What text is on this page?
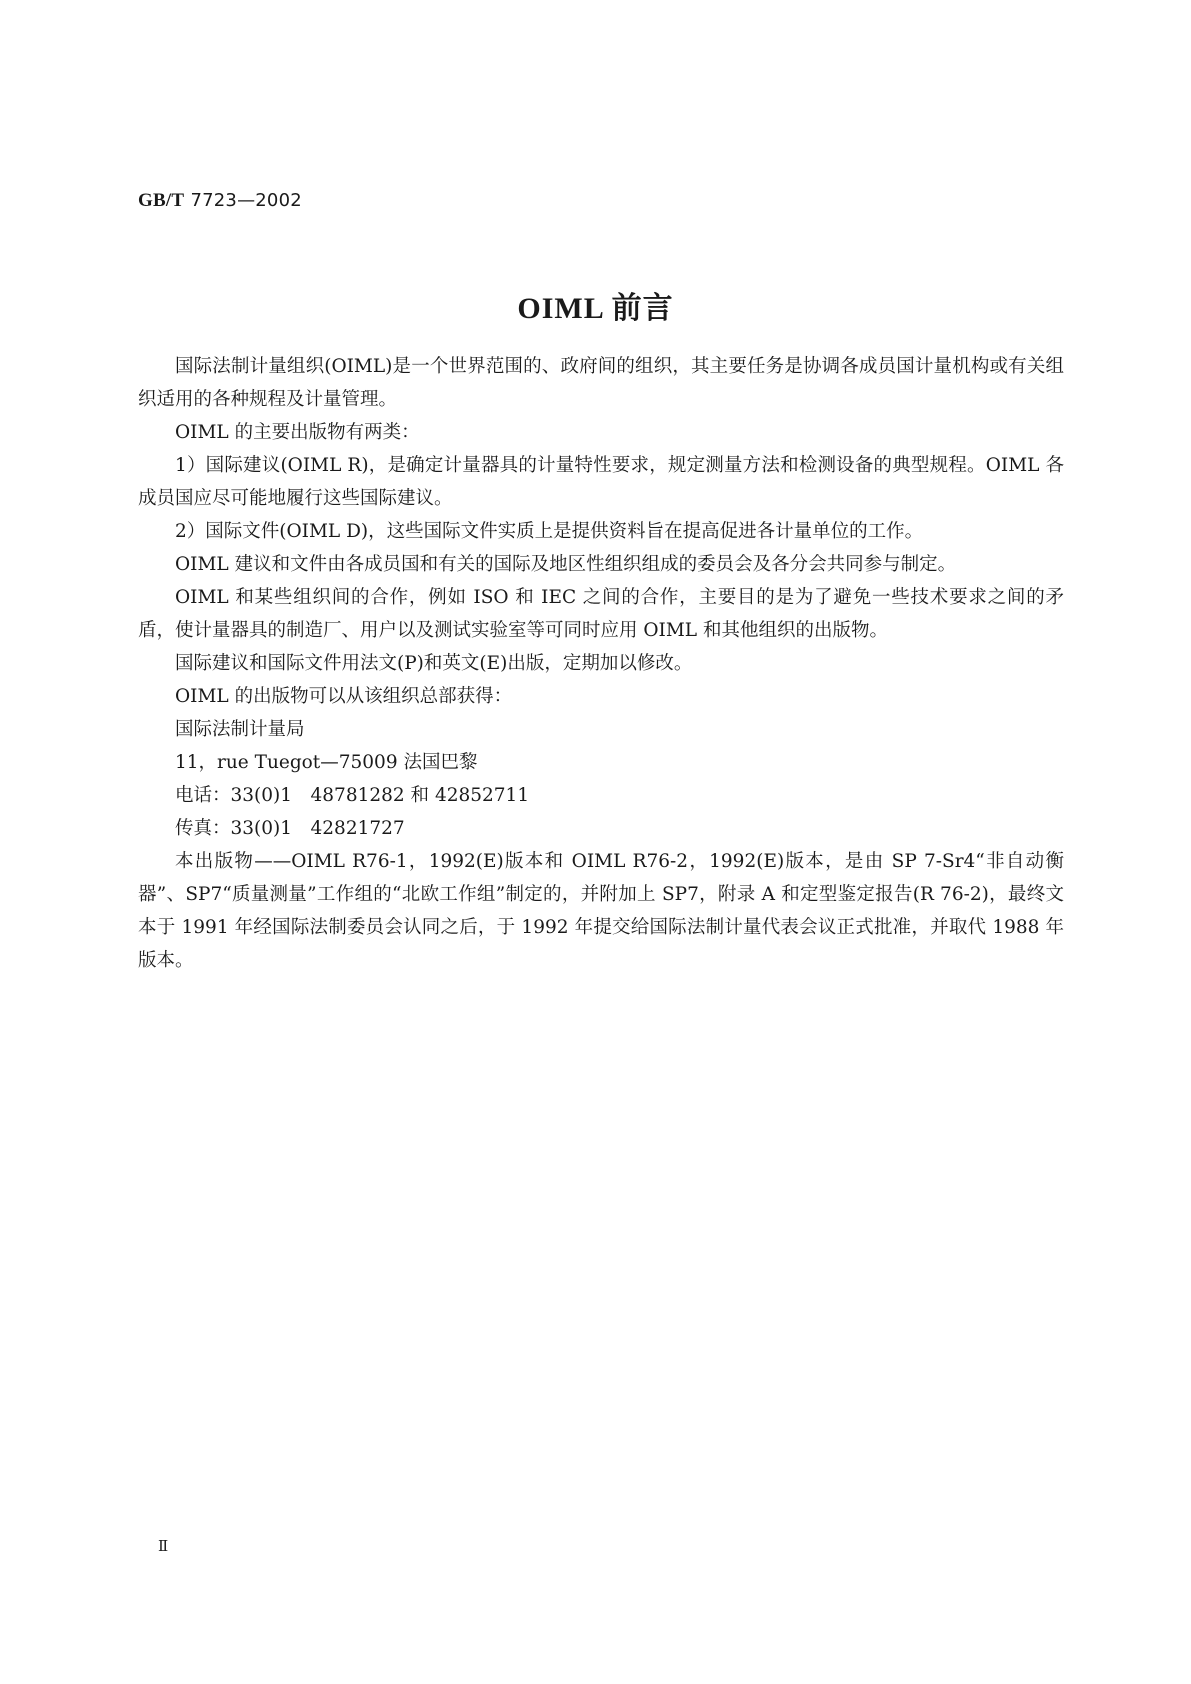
GB/T 7723—2002
OIML 前言

国际法制计量组织(OIML)是一个世界范围的、政府间的组织，其主要任务是协调各成员国计量机构或有关组织适用的各种规程及计量管理。

OIML 的主要出版物有两类：

1）国际建议(OIML R)，是确定计量器具的计量特性要求，规定测量方法和检测设备的典型规程。OIML 各成员国应尽可能地履行这些国际建议。

2）国际文件(OIML D)，这些国际文件实质上是提供资料旨在提高促进各计量单位的工作。

OIML 建议和文件由各成员国和有关的国际及地区性组织组成的委员会及各分会共同参与制定。

OIML 和某些组织间的合作，例如 ISO 和 IEC 之间的合作，主要目的是为了避免一些技术要求之间的矛盾，使计量器具的制造厂、用户以及测试实验室等可同时应用 OIML 和其他组织的出版物。

国际建议和国际文件用法文(P)和英文(E)出版，定期加以修改。

OIML 的出版物可以从该组织总部获得：

国际法制计量局

11，rue Tuegot—75009 法国巴黎

电话：33(0)1　48781282 和 42852711

传真：33(0)1　42821727

本出版物——OIML R76-1，1992(E)版本和 OIML R76-2，1992(E)版本，是由 SP 7-Sr4“非自动衡器”、SP7“质量测量”工作组的“北欧工作组”制定的，并附加上 SP7，附录 A 和定型鉴定报告(R 76-2)，最终文本于 1991 年经国际法制委员会认同之后，于 1992 年提交给国际法制计量代表会议正式批准，并取代 1988 年版本。

Ⅱ
